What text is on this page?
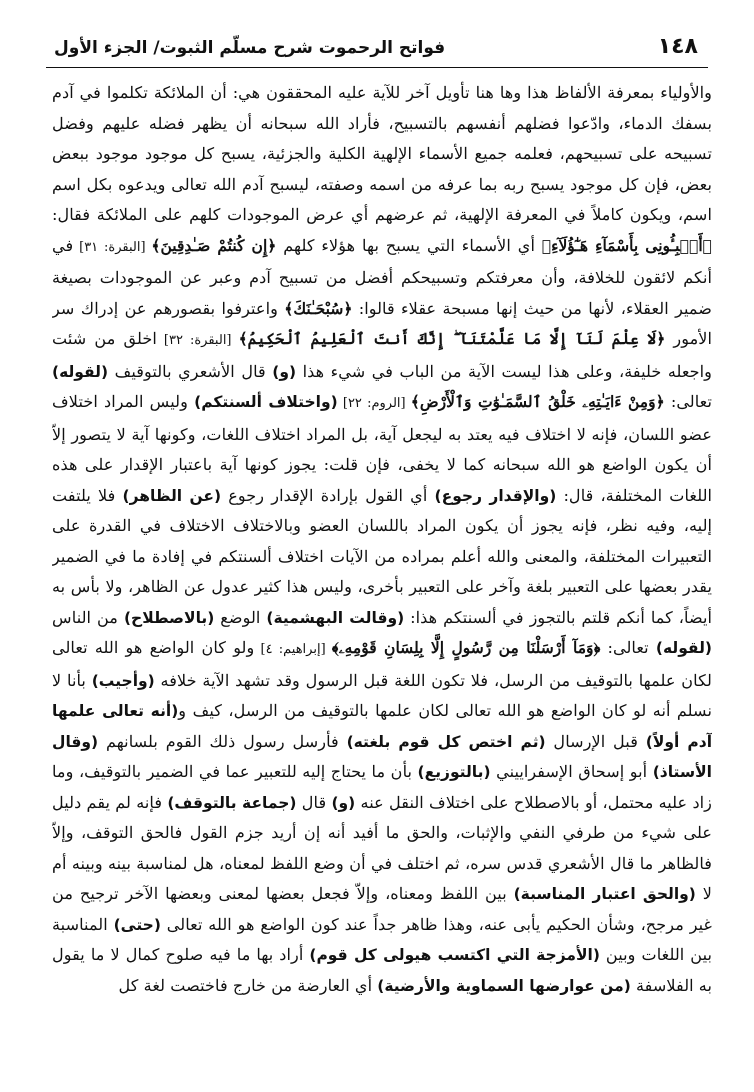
١٤٨
فواتح الرحموت شرح مسلّم الثبوت/ الجزء الأول

والأولياء بمعرفة الألفاظ هذا وها هنا تأويل آخر للآية عليه المحققون هي: أن الملائكة تكلموا في آدم بسفك الدماء، وادّعوا فضلهم أنفسهم بالتسبيح، فأراد الله سبحانه أن يظهر فضله عليهم وفضل تسبيحه على تسبيحهم، فعلمه جميع الأسماء الإلهية الكلية والجزئية، يسبح كل موجود موجود ببعض بعض، فإن كل موجود يسبح ربه بما عرفه من اسمه وصفته، ليسبح آدم الله تعالى ويدعوه بكل اسم اسم، ويكون كاملاً في المعرفة الإلهية، ثم عرضهم أي عرض الموجودات كلهم على الملائكة فقال: ﴿أَنۢبِـُٔونِى بِأَسْمَآءِ هَـٰٓؤُلَآءِ﴾ أي الأسماء التي يسبح بها هؤلاء كلهم ﴿إِن كُنتُمْ صَـٰدِقِينَ﴾ [البقرة: ٣١] في أنكم لائقون للخلافة، وأن معرفتكم وتسبيحكم أفضل من تسبيح آدم وعبر عن الموجودات بصيغة ضمير العقلاء، لأنها من حيث إنها مسبحة عقلاء قالوا: ﴿سُبْحَـٰنَكَ﴾ واعترفوا بقصورهم عن إدراك سر الأمور ﴿لَا عِلْمَ لَنَآ إِلَّا مَا عَلَّمْتَنَآ ۖ إِنَّكَ أَنتَ ٱلْعَلِيمُ ٱلْحَكِيمُ﴾ [البقرة: ٣٢] اخلق من شئت واجعله خليفة، وعلى هذا ليست الآية من الباب في شيء هذا (و) قال الأشعري بالتوقيف (لقوله) تعالى: ﴿وَمِنْ ءَايَـٰتِهِۦ خَلْقُ ٱلسَّمَـٰوَٰتِ وَٱلْأَرْضِ﴾ [الروم: ٢٢] (واختلاف ألسنتكم) وليس المراد اختلاف عضو اللسان، فإنه لا اختلاف فيه يعتد به ليجعل آية، بل المراد اختلاف اللغات، وكونها آية لا يتصور إلاّ أن يكون الواضع هو الله سبحانه كما لا يخفى، فإن قلت: يجوز كونها آية باعتبار الإقدار على هذه اللغات المختلفة، قال: (والإقدار رجوع) أي القول بإرادة الإقدار رجوع (عن الظاهر) فلا يلتفت إليه، وفيه نظر، فإنه يجوز أن يكون المراد باللسان العضو وبالاختلاف الاختلاف في القدرة على التعبيرات المختلفة، والمعنى والله أعلم بمراده من الآيات اختلاف ألسنتكم في إفادة ما في الضمير يقدر بعضها على التعبير بلغة وآخر على التعبير بأخرى، وليس هذا كثير عدول عن الظاهر، ولا بأس به أيضاً، كما أنكم قلتم بالتجوز في ألسنتكم هذا: (وقالت البهشمية) الوضع (بالاصطلاح) من الناس (لقوله) تعالى: ﴿وَمَآ أَرْسَلْنَا مِن رَّسُولٍ إِلَّا بِلِسَانِ قَوْمِهِۦ﴾ [إبراهيم: ٤] ولو كان الواضع هو الله تعالى لكان علمها بالتوقيف من الرسل، فلا تكون اللغة قبل الرسول وقد تشهد الآية خلافه (وأجيب) بأنا لا نسلم أنه لو كان الواضع هو الله تعالى لكان علمها بالتوقيف من الرسل، كيف و(أنه تعالى علمها آدم أولاً) قبل الإرسال (ثم اختص كل قوم بلغته) فأرسل رسول ذلك القوم بلسانهم (وقال الأستاذ) أبو إسحاق الإسفراييني (بالتوزيع) بأن ما يحتاج إليه للتعبير عما في الضمير بالتوقيف، وما زاد عليه محتمل، أو بالاصطلاح على اختلاف النقل عنه (و) قال (جماعة بالتوقف) فإنه لم يقم دليل على شيء من طرفي النفي والإثبات، والحق ما أفيد أنه إن أريد جزم القول فالحق التوقف، وإلاّ فالظاهر ما قال الأشعري قدس سره، ثم اختلف في أن وضع اللفظ لمعناه، هل لمناسبة بينه وبينه أم لا (والحق اعتبار المناسبة) بين اللفظ ومعناه، وإلاّ فجعل بعضها لمعنى وبعضها الآخر ترجيح من غير مرجح، وشأن الحكيم يأبى عنه، وهذا ظاهر جداً عند كون الواضع هو الله تعالى (حتى) المناسبة بين اللغات وبين (الأمزجة التي اكتسب هيولى كل قوم) أراد بها ما فيه صلوح كمال لا ما يقول به الفلاسفة (من عوارضها السماوية والأرضية) أي العارضة من خارج فاختصت لغة كل
